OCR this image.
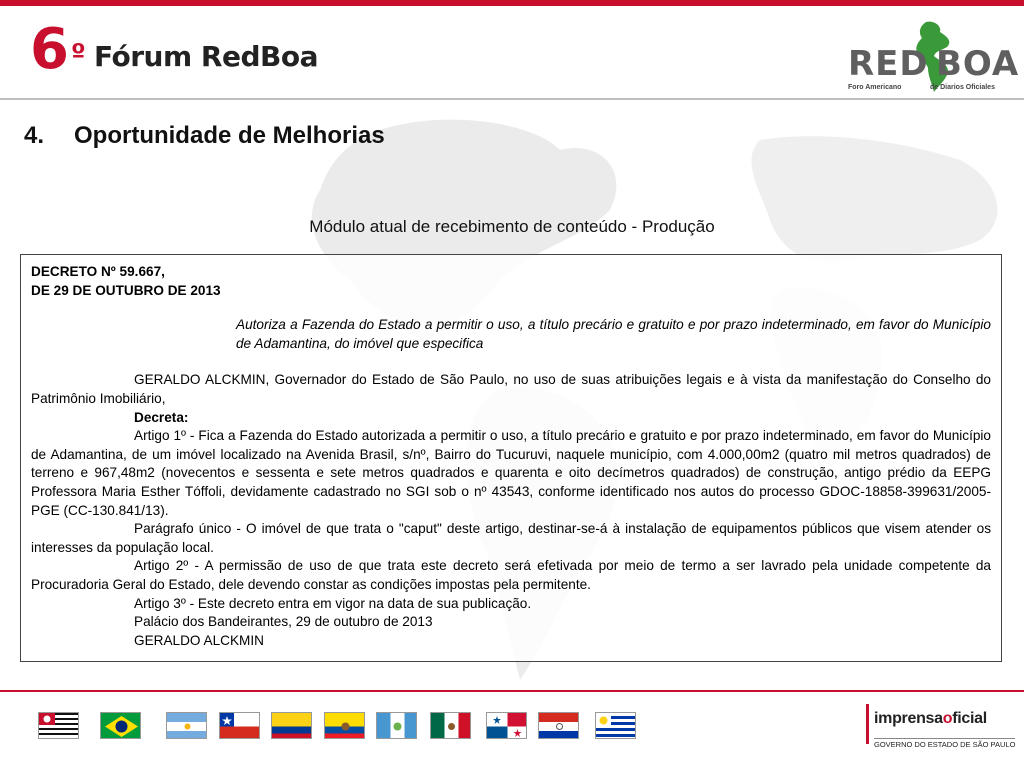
$6^º$ Fórum RedBoa	RED BOA
Foro Americano	de Diarios Oficiales
4. Oportunidade de Melhorias
Módulo atual de recebimento de conteúdo - Produção

DECRETO Nº 59.667,

DE 29 DE OUTUBRO DE 2013

Autoriza a Fazenda do Estado a permitir o uso, a título precário e gratuito e por prazo indeterminado, em favor do Município de Adamantina, do imóvel que especifica

GERALDO ALCKMIN, Governador do Estado de São Paulo, no uso de suas atribuições legais e à vista da manifestação do Conselho do Patrimônio Imobiliário,

Decreta:

Artigo 1º - Fica a Fazenda do Estado autorizada a permitir o uso, a título precário e gratuito e por prazo indeterminado, em favor do Município de Adamantina, de um imóvel localizado na Avenida Brasil, s/nº, Bairro do Tucuruvi, naquele município, com 4.000,00m2 (quatro mil metros quadrados) de terreno e 967,48m2 (novecentos e sessenta e sete metros quadrados e quarenta e oito decímetros quadrados) de construção, antigo prédio da EEPG Professora Maria Esther Tóffoli, devidamente cadastrado no SGI sob o nº 43543, conforme identificado nos autos do processo GDOC-18858-399631/2005-PGE (CC-130.841/13).

Parágrafo único - O imóvel de que trata o "caput" deste artigo, destinar-se-á à instalação de equipamentos públicos que visem atender os interesses da população local.

Artigo 2º - A permissão de uso de que trata este decreto será efetivada por meio de termo a ser lavrado pela unidade competente da Procuradoria Geral do Estado, dele devendo constar as condições impostas pela permitente.

Artigo 3º - Este decreto entra em vigor na data de sua publicação.

Palácio dos Bandeirantes, 29 de outubro de 2013

GERALDO ALCKMIN

imprensaoficial
GOVERNO DO ESTADO DE SÃO PAULO
